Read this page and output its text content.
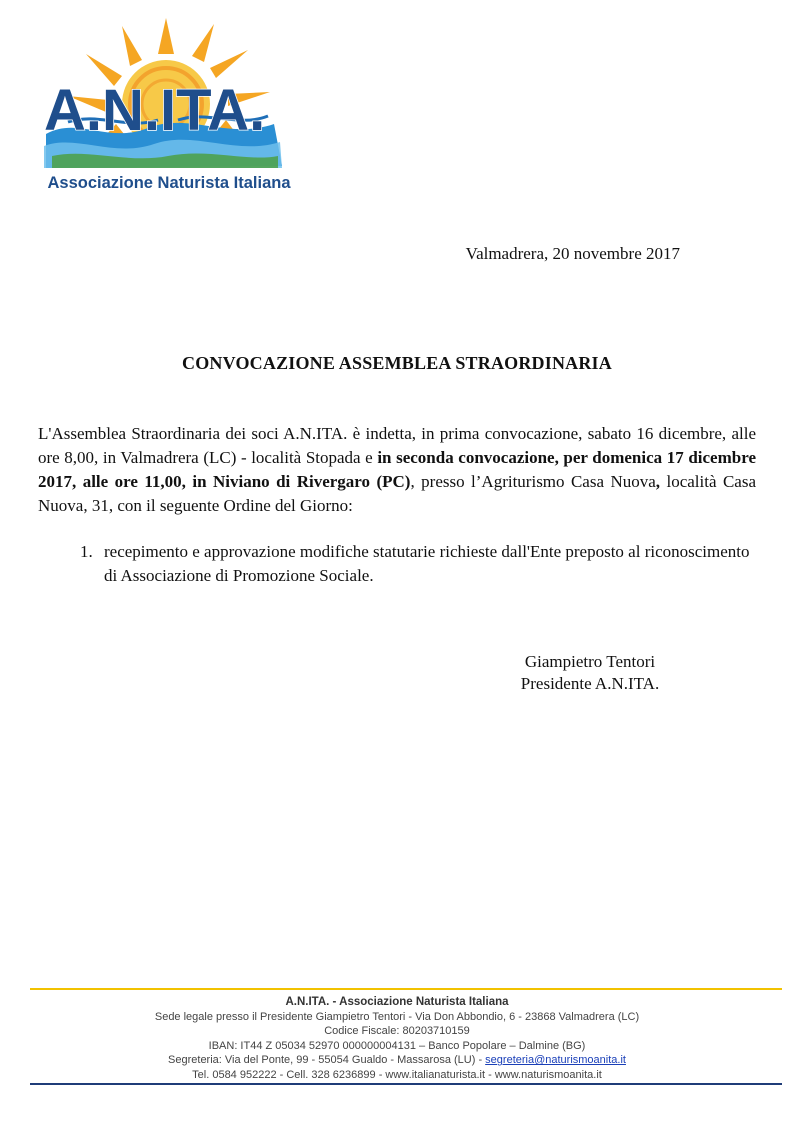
A.N.ITA.
Associazione Naturista Italiana
Valmadrera, 20 novembre 2017
CONVOCAZIONE ASSEMBLEA STRAORDINARIA
L'Assemblea Straordinaria dei soci A.N.ITA. è indetta, in prima convocazione, sabato 16 dicembre, alle ore 8,00, in Valmadrera (LC) - località Stopada e in seconda convocazione, per domenica 17 dicembre 2017, alle ore 11,00, in Niviano di Rivergaro (PC), presso l’Agriturismo Casa Nuova, località Casa Nuova, 31, con il seguente Ordine del Giorno:
1. recepimento e approvazione modifiche statutarie richieste dall'Ente preposto al riconoscimento di Associazione di Promozione Sociale.
Giampietro Tentori
Presidente A.N.ITA.
A.N.ITA. - Associazione Naturista Italiana
Sede legale presso il Presidente Giampietro Tentori - Via Don Abbondio, 6 - 23868 Valmadrera (LC)
Codice Fiscale: 80203710159
IBAN: IT44 Z 05034 52970 000000004131 – Banco Popolare – Dalmine (BG)
Segreteria: Via del Ponte, 99 - 55054 Gualdo - Massarosa (LU) - segreteria@naturismoanita.it
Tel. 0584 952222 - Cell. 328 6236899 - www.italianaturista.it - www.naturismoanita.it
